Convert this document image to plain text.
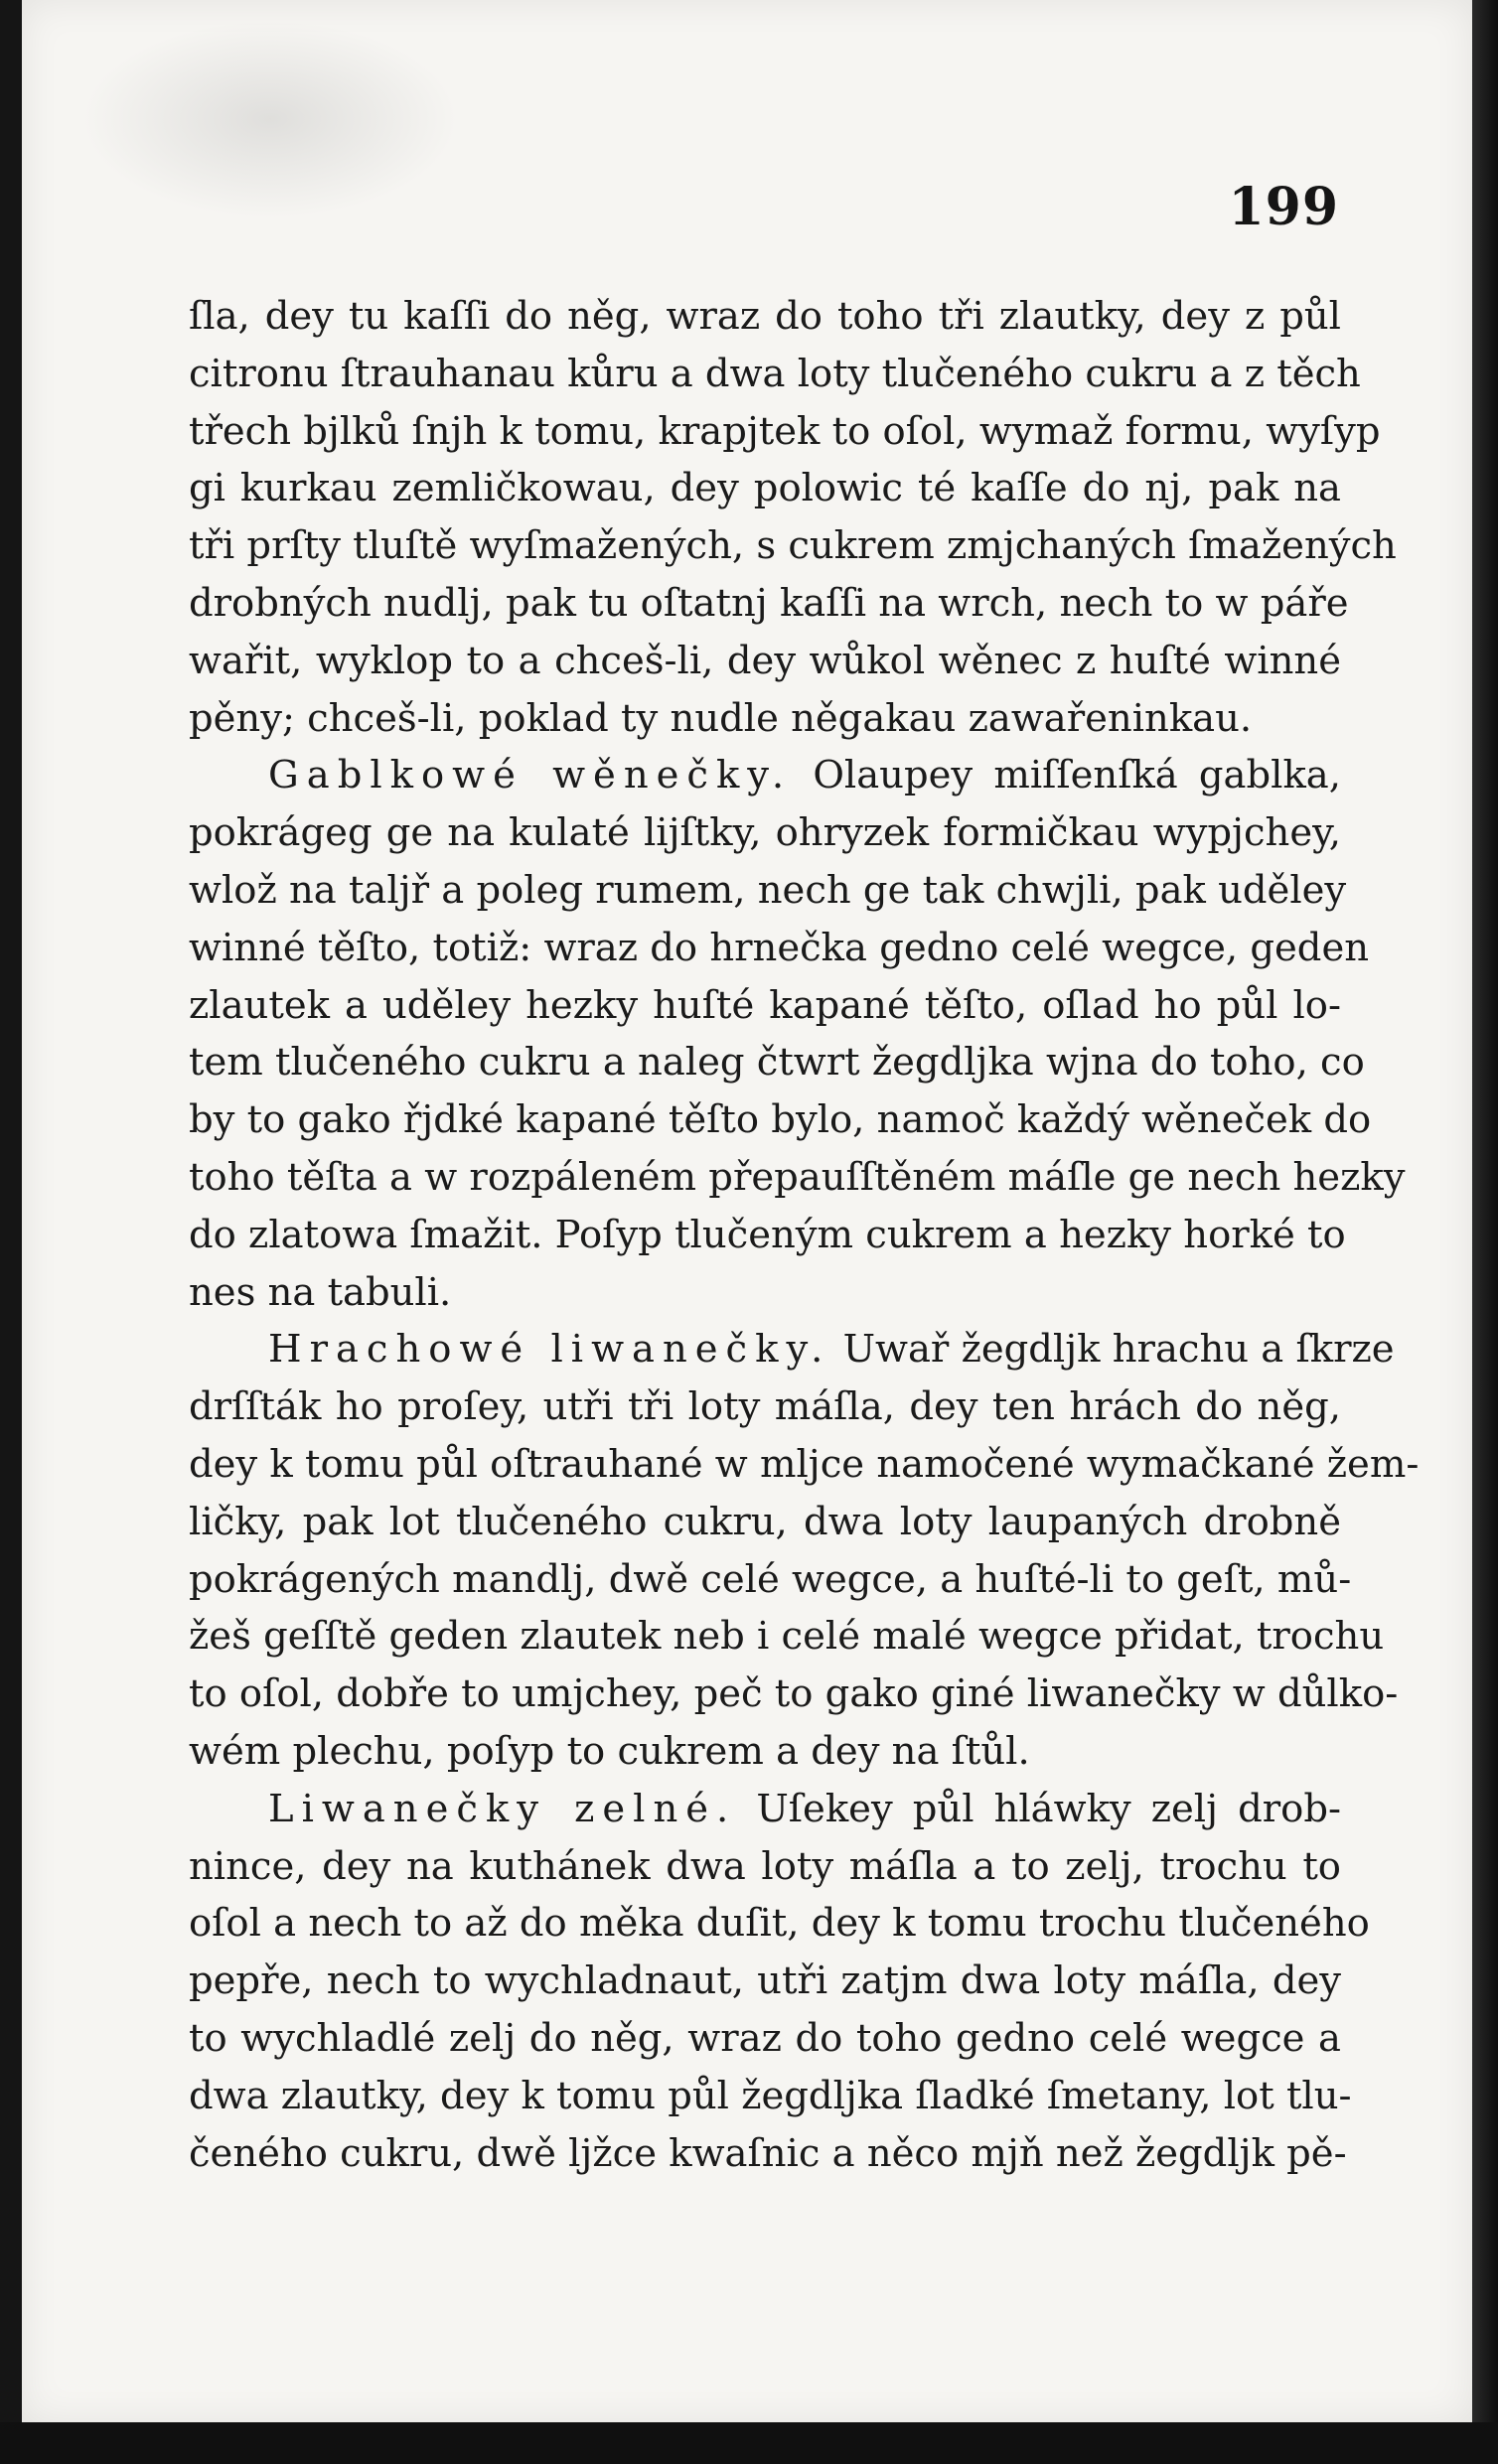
199
ſla, dey tu kaſſi do něg, wraz do toho tři zlautky, dey z půl
citronu ſtrauhanau kůru a dwa loty tlučeného cukru a z těch
třech bjlků ſnjh k tomu, krapjtek to oſol, wymaž formu, wyſyp
gi kurkau zemličkowau, dey polowic té kaſſe do nj, pak na
tři prſty tluſtě wyſmažených, s cukrem zmjchaných ſmažených
drobných nudlj, pak tu oſtatnj kaſſi na wrch, nech to w páře
wařit, wyklop to a chceš-li, dey wůkol wěnec z huſté winné
pěny; chceš-li, poklad ty nudle něgakau zawařeninkau.
Gablkowé wěnečky. Olaupey miſſenſká gablka,
pokrágeg ge na kulaté lijſtky, ohryzek formičkau wypjchey,
wlož na taljř a poleg rumem, nech ge tak chwjli, pak uděley
winné těſto, totiž: wraz do hrnečka gedno celé wegce, geden
zlautek a uděley hezky huſté kapané těſto, oſlad ho půl lo-
tem tlučeného cukru a naleg čtwrt žegdljka wjna do toho, co
by to gako řjdké kapané těſto bylo, namoč každý wěneček do
toho těſta a w rozpáleném přepauſſtěném máſle ge nech hezky
do zlatowa ſmažit. Poſyp tlučeným cukrem a hezky horké to
nes na tabuli.
Hrachowé liwanečky. Uwař žegdljk hrachu a ſkrze
drſſták ho proſey, utři tři loty máſla, dey ten hrách do něg,
dey k tomu půl oſtrauhané w mljce namočené wymačkané žem-
ličky, pak lot tlučeného cukru, dwa loty laupaných drobně
pokrágených mandlj, dwě celé wegce, a huſté-li to geſt, mů-
žeš geſſtě geden zlautek neb i celé malé wegce přidat, trochu
to oſol, dobře to umjchey, peč to gako giné liwanečky w důlko-
wém plechu, poſyp to cukrem a dey na ſtůl.
Liwanečky zelné. Uſekey půl hláwky zelj drob-
nince, dey na kuthánek dwa loty máſla a to zelj, trochu to
oſol a nech to až do měka duſit, dey k tomu trochu tlučeného
pepře, nech to wychladnaut, utři zatjm dwa loty máſla, dey
to wychladlé zelj do něg, wraz do toho gedno celé wegce a
dwa zlautky, dey k tomu půl žegdljka ſladké ſmetany, lot tlu-
čeného cukru, dwě ljžce kwaſnic a něco mjň než žegdljk pě-
